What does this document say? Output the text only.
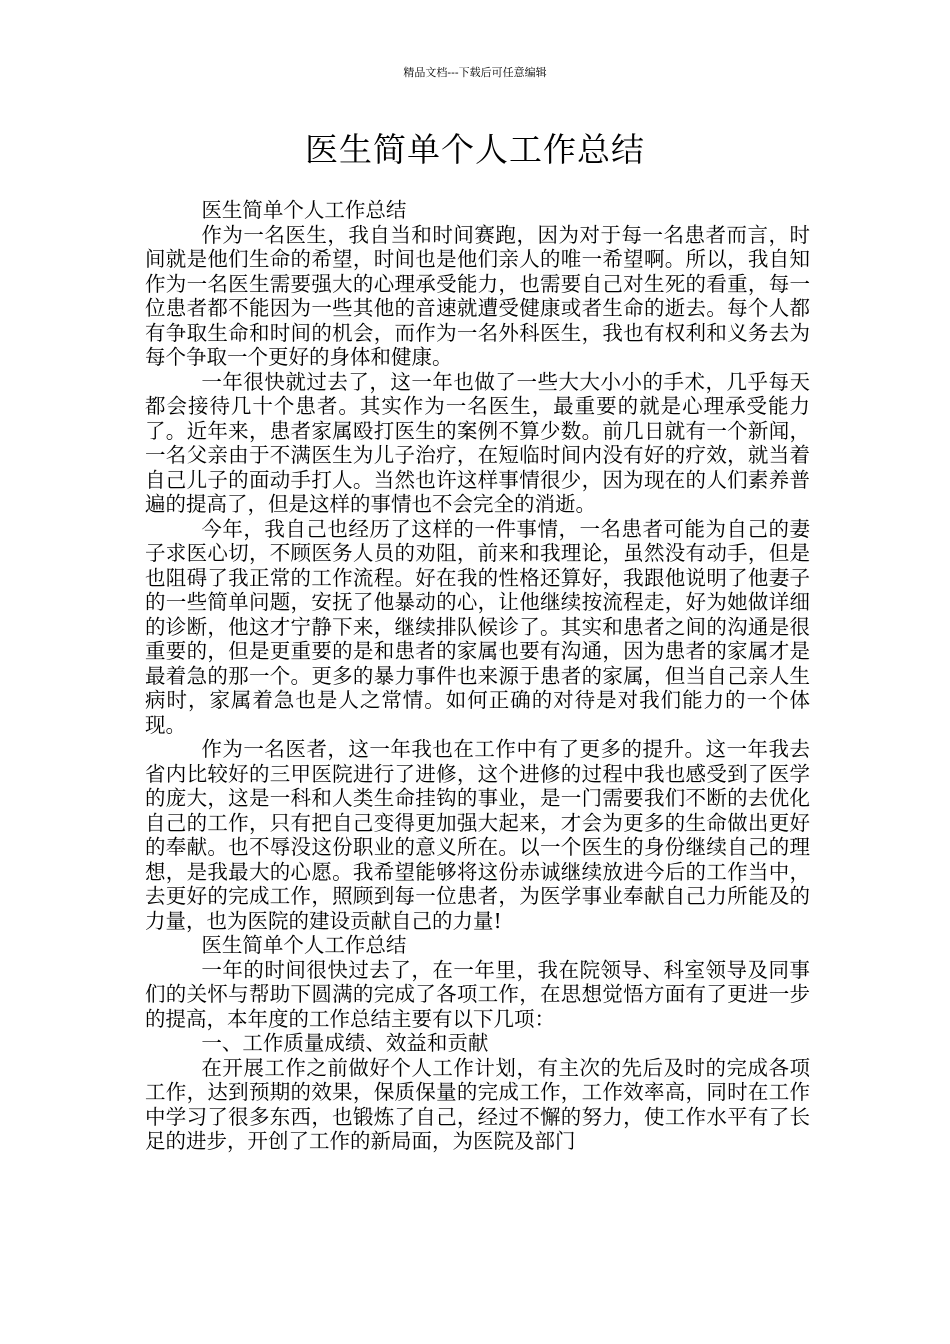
精品文档---下载后可任意编辑
医生简单个人工作总结

医生简单个人工作总结

作为一名医生，我自当和时间赛跑，因为对于每一名患者而言，时间就是他们生命的希望，时间也是他们亲人的唯一希望啊。所以，我自知作为一名医生需要强大的心理承受能力，也需要自己对生死的看重，每一位患者都不能因为一些其他的音速就遭受健康或者生命的逝去。每个人都有争取生命和时间的机会，而作为一名外科医生，我也有权利和义务去为每个争取一个更好的身体和健康。

一年很快就过去了，这一年也做了一些大大小小的手术，几乎每天都会接待几十个患者。其实作为一名医生，最重要的就是心理承受能力了。近年来，患者家属殴打医生的案例不算少数。前几日就有一个新闻，一名父亲由于不满医生为儿子治疗，在短临时间内没有好的疗效，就当着自己儿子的面动手打人。当然也许这样事情很少，因为现在的人们素养普遍的提高了，但是这样的事情也不会完全的消逝。

今年，我自己也经历了这样的一件事情，一名患者可能为自己的妻子求医心切，不顾医务人员的劝阻，前来和我理论，虽然没有动手，但是也阻碍了我正常的工作流程。好在我的性格还算好，我跟他说明了他妻子的一些简单问题，安抚了他暴动的心，让他继续按流程走，好为她做详细的诊断，他这才宁静下来，继续排队候诊了。其实和患者之间的沟通是很重要的，但是更重要的是和患者的家属也要有沟通，因为患者的家属才是最着急的那一个。更多的暴力事件也来源于患者的家属，但当自己亲人生病时，家属着急也是人之常情。如何正确的对待是对我们能力的一个体现。

作为一名医者，这一年我也在工作中有了更多的提升。这一年我去省内比较好的三甲医院进行了进修，这个进修的过程中我也感受到了医学的庞大，这是一科和人类生命挂钩的事业，是一门需要我们不断的去优化自己的工作，只有把自己变得更加强大起来，才会为更多的生命做出更好的奉献。也不辱没这份职业的意义所在。以一个医生的身份继续自己的理想，是我最大的心愿。我希望能够将这份赤诚继续放进今后的工作当中，去更好的完成工作，照顾到每一位患者，为医学事业奉献自己力所能及的力量，也为医院的建设贡献自己的力量!

医生简单个人工作总结

一年的时间很快过去了，在一年里，我在院领导、科室领导及同事们的关怀与帮助下圆满的完成了各项工作，在思想觉悟方面有了更进一步的提高，本年度的工作总结主要有以下几项：

一、工作质量成绩、效益和贡献

在开展工作之前做好个人工作计划，有主次的先后及时的完成各项工作，达到预期的效果，保质保量的完成工作，工作效率高，同时在工作中学习了很多东西，也锻炼了自己，经过不懈的努力，使工作水平有了长足的进步，开创了工作的新局面，为医院及部门
